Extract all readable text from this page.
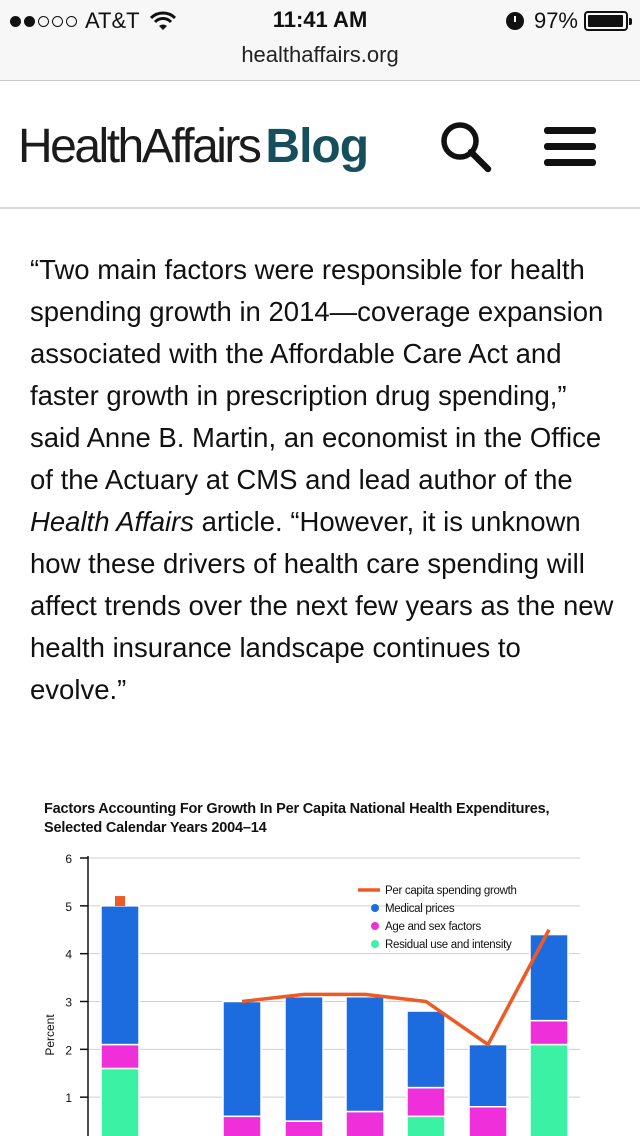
AT&T	11:41 AM	97%
healthaffairs.org
HealthAffairs Blog
“Two main factors were responsible for health spending growth in 2014—coverage expansion associated with the Affordable Care Act and faster growth in prescription drug spending,” said Anne B. Martin, an economist in the Office of the Actuary at CMS and lead author of the Health Affairs article. “However, it is unknown how these drivers of health care spending will affect trends over the next few years as the new health insurance landscape continues to evolve.”
Factors Accounting For Growth In Per Capita National Health Expenditures,
Selected Calendar Years 2004–14
1
2
3
4
5
6
Percent
Per capita spending growth
Medical prices
Age and sex factors
Residual use and intensity
